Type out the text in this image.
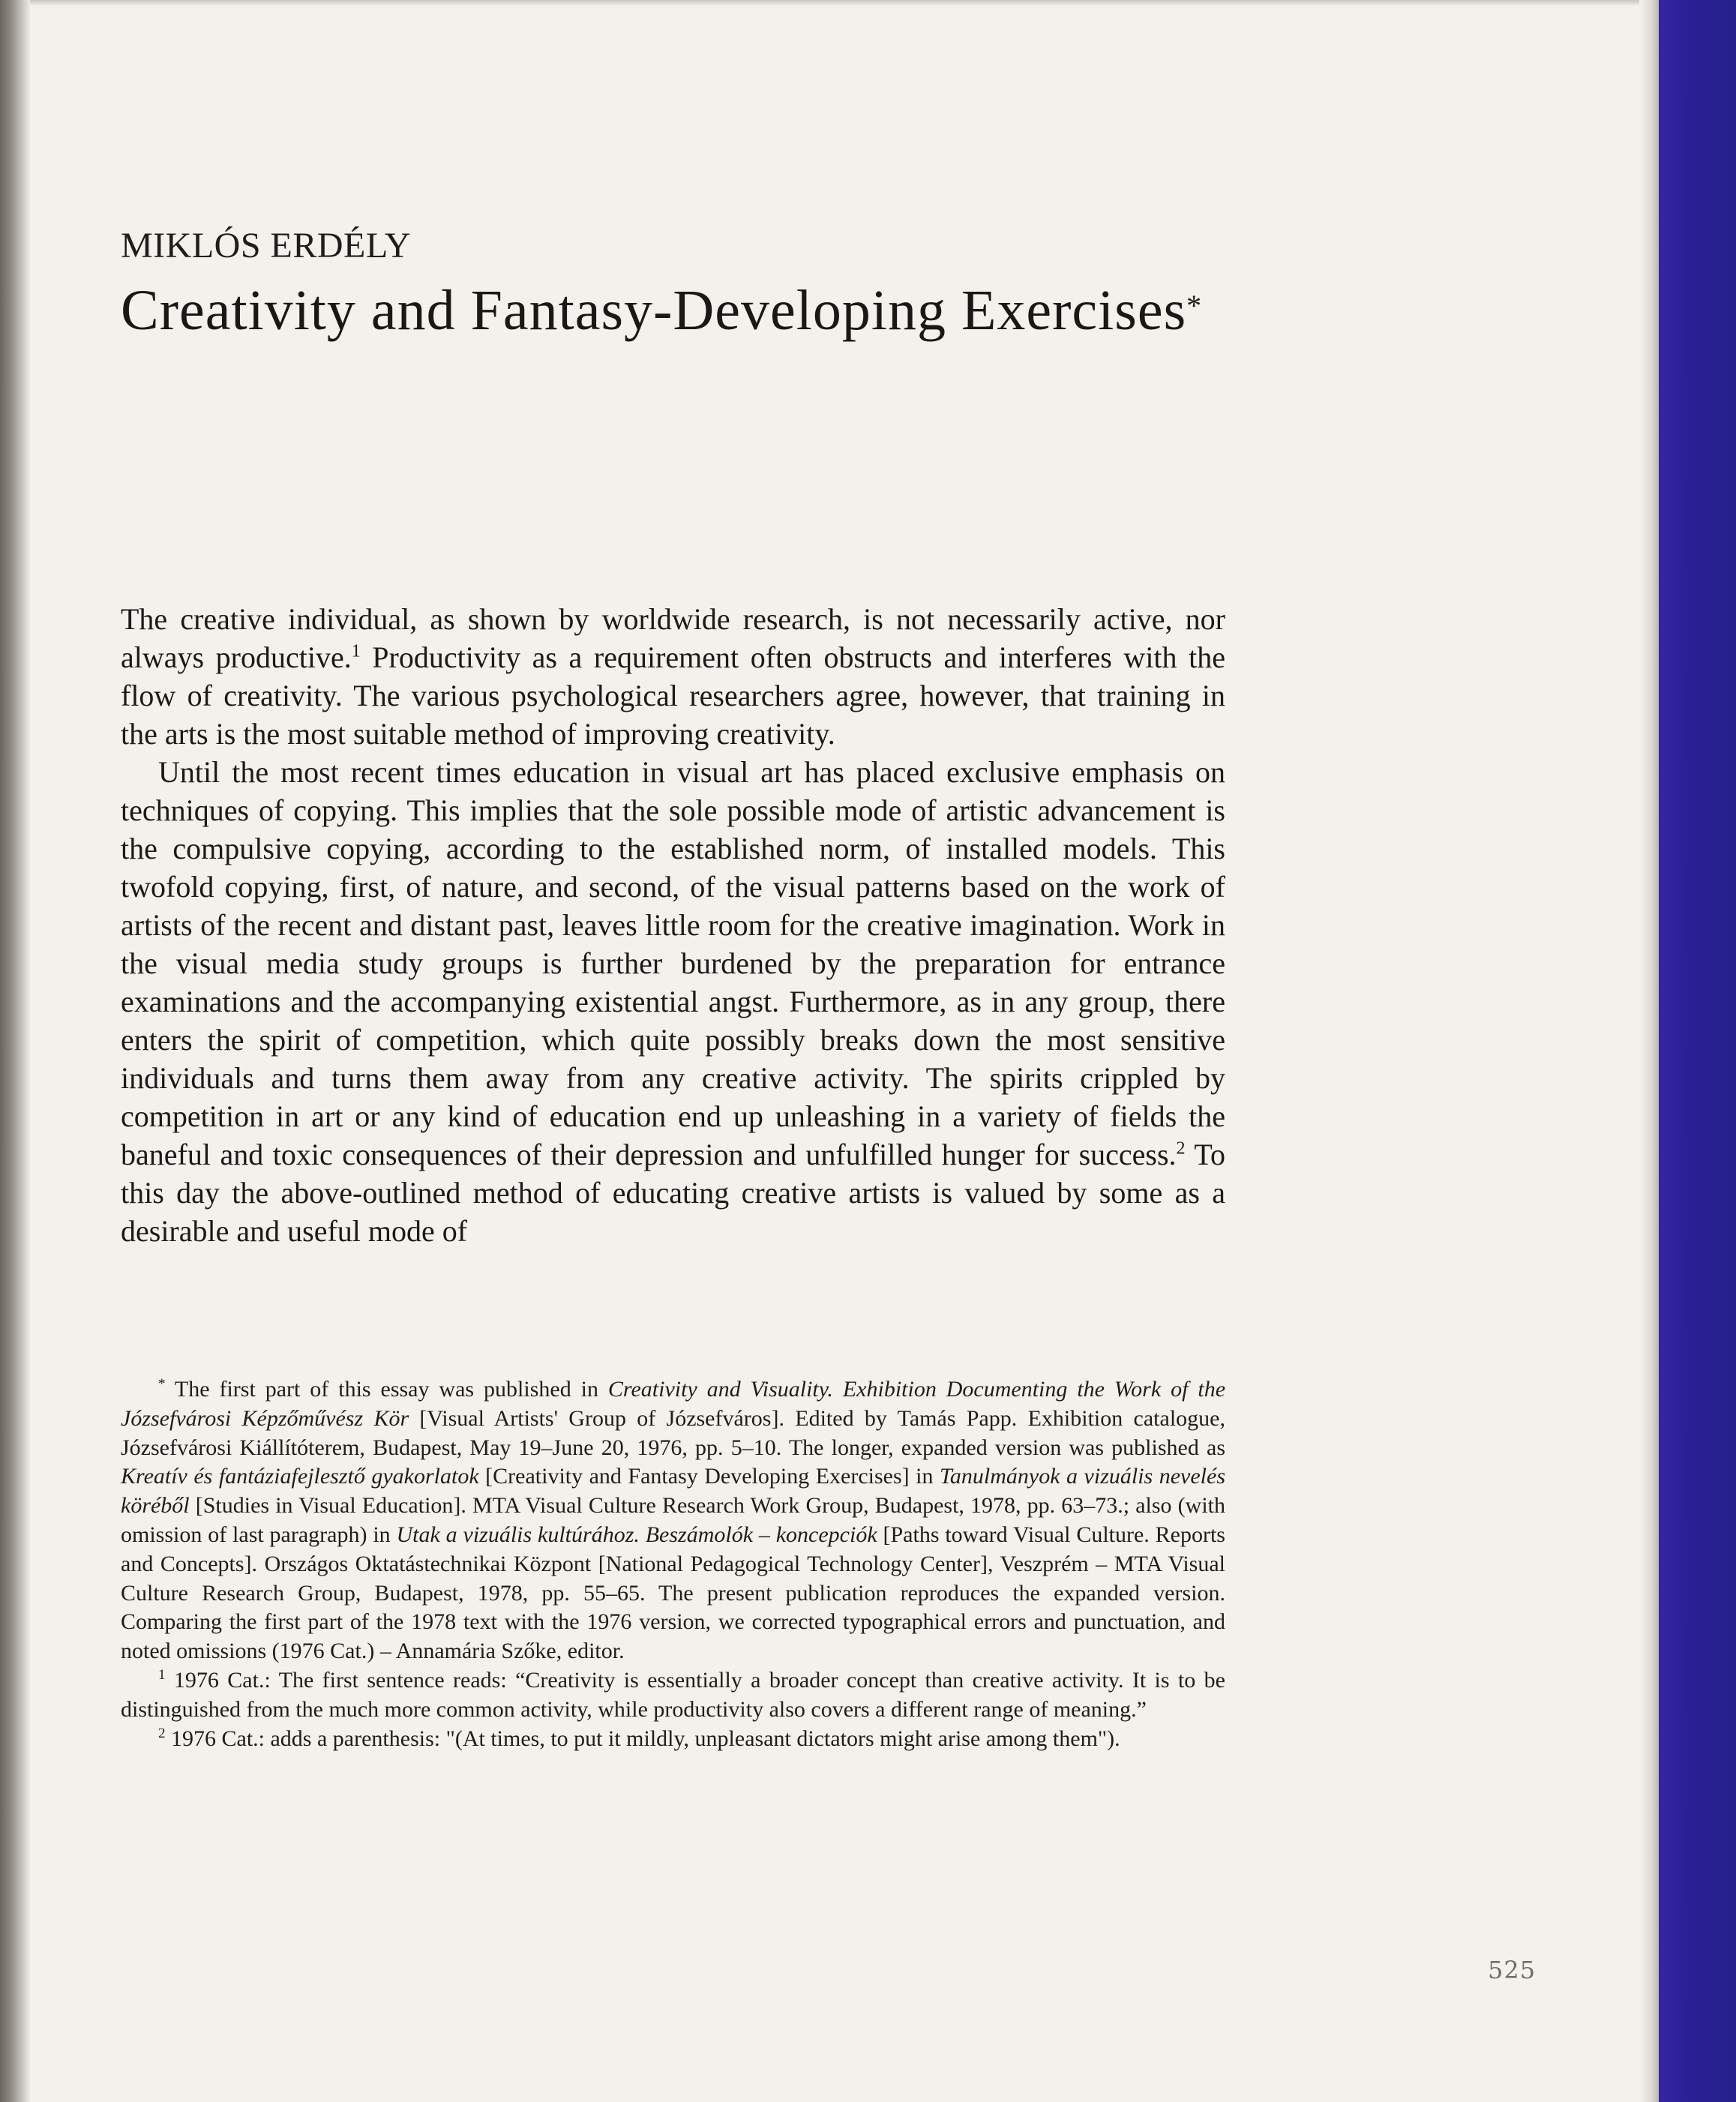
MIKLÓS ERDÉLY

Creativity and Fantasy-Developing Exercises*

The creative individual, as shown by worldwide research, is not necessarily active, nor always productive.$^1$ Productivity as a requirement often obstructs and interferes with the flow of creativity. The various psychological researchers agree, however, that training in the arts is the most suitable method of improving creativity.

Until the most recent times education in visual art has placed exclusive emphasis on techniques of copying. This implies that the sole possible mode of artistic advancement is the compulsive copying, according to the established norm, of installed models. This twofold copying, first, of nature, and second, of the visual patterns based on the work of artists of the recent and distant past, leaves little room for the creative imagination. Work in the visual media study groups is further burdened by the preparation for entrance examinations and the accompanying existential angst. Furthermore, as in any group, there enters the spirit of competition, which quite possibly breaks down the most sensitive individuals and turns them away from any creative activity. The spirits crippled by competition in art or any kind of education end up unleashing in a variety of fields the baneful and toxic consequences of their depression and unfulfilled hunger for success.$^2$ To this day the above-outlined method of educating creative artists is valued by some as a desirable and useful mode of

* The first part of this essay was published in Creativity and Visuality. Exhibition Documenting the Work of the Józsefvárosi Képzőművész Kör [Visual Artists' Group of Józsefváros]. Edited by Tamás Papp. Exhibition catalogue, Józsefvárosi Kiállítóterem, Budapest, May 19–June 20, 1976, pp. 5–10. The longer, expanded version was published as Kreatív és fantáziafejlesztő gyakorlatok [Creativity and Fantasy Developing Exercises] in Tanulmányok a vizuális nevelés köréből [Studies in Visual Education]. MTA Visual Culture Research Work Group, Budapest, 1978, pp. 63–73.; also (with omission of last paragraph) in Utak a vizuális kultúrához. Beszámolók – koncepciók [Paths toward Visual Culture. Reports and Concepts]. Országos Oktatástechnikai Központ [National Pedagogical Technology Center], Veszprém – MTA Visual Culture Research Group, Budapest, 1978, pp. 55–65. The present publication reproduces the expanded version. Comparing the first part of the 1978 text with the 1976 version, we corrected typographical errors and punctuation, and noted omissions (1976 Cat.) – Annamária Szőke, editor.

$^1$ 1976 Cat.: The first sentence reads: “Creativity is essentially a broader concept than creative activity. It is to be distinguished from the much more common activity, while productivity also covers a different range of meaning.”

$^2$ 1976 Cat.: adds a parenthesis: "(At times, to put it mildly, unpleasant dictators might arise among them").

525
